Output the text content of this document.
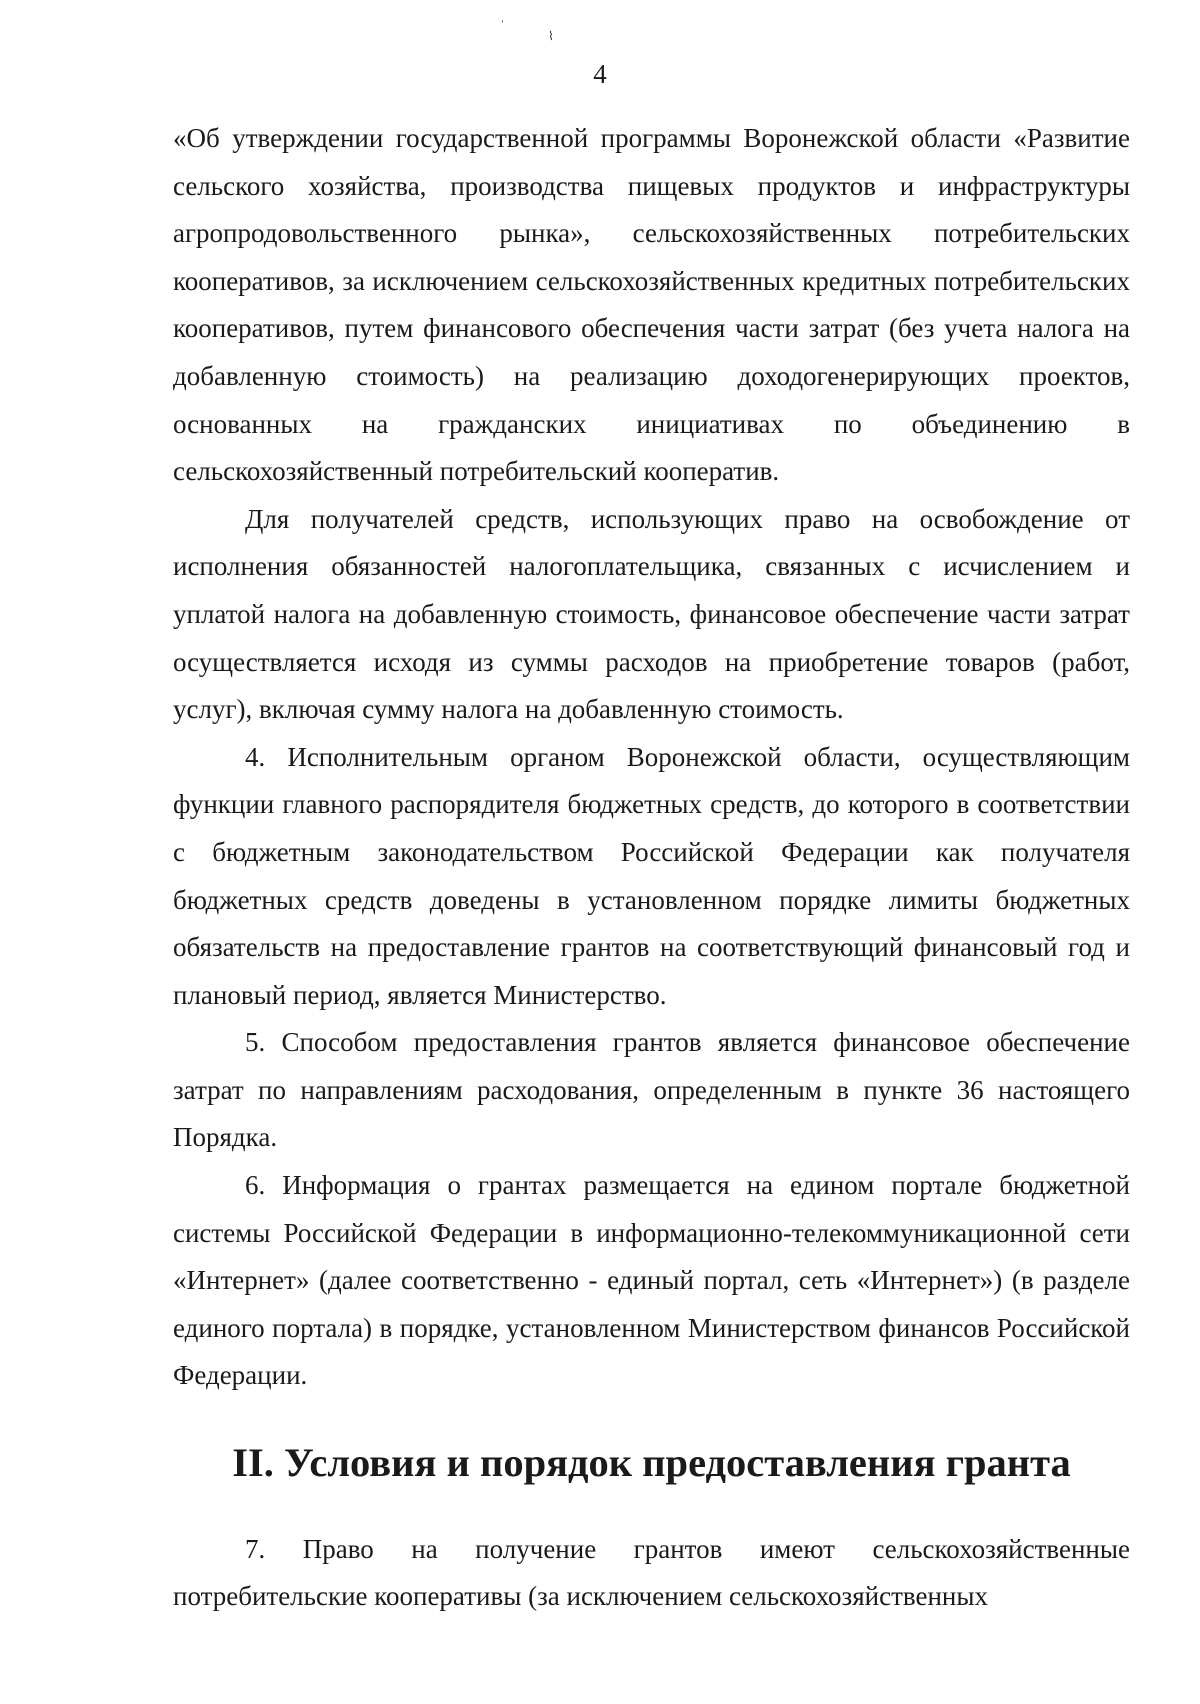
ˈ
⌇
4

«Об утверждении государственной программы Воронежской области «Развитие сельского хозяйства, производства пищевых продуктов и инфраструктуры агропродовольственного рынка», сельскохозяйственных потребительских кооперативов, за исключением сельскохозяйственных кредитных потребительских кооперативов, путем финансового обеспечения части затрат (без учета налога на добавленную стоимость) на реализацию доходогенерирующих проектов, основанных на гражданских инициативах по объединению в сельскохозяйственный потребительский кооператив.

Для получателей средств, использующих право на освобождение от исполнения обязанностей налогоплательщика, связанных с исчислением и уплатой налога на добавленную стоимость, финансовое обеспечение части затрат осуществляется исходя из суммы расходов на приобретение товаров (работ, услуг), включая сумму налога на добавленную стоимость.

4. Исполнительным органом Воронежской области, осуществляющим функции главного распорядителя бюджетных средств, до которого в соответствии с бюджетным законодательством Российской Федерации как получателя бюджетных средств доведены в установленном порядке лимиты бюджетных обязательств на предоставление грантов на соответствующий финансовый год и плановый период, является Министерство.

5. Способом предоставления грантов является финансовое обеспечение затрат по направлениям расходования, определенным в пункте 36 настоящего Порядка.

6. Информация о грантах размещается на едином портале бюджетной системы Российской Федерации в информационно-телекоммуникационной сети «Интернет» (далее соответственно - единый портал, сеть «Интернет») (в разделе единого портала) в порядке, установленном Министерством финансов Российской Федерации.

II. Условия и порядок предоставления гранта

7. Право на получение грантов имеют сельскохозяйственные потребительские кооперативы (за исключением сельскохозяйственных
